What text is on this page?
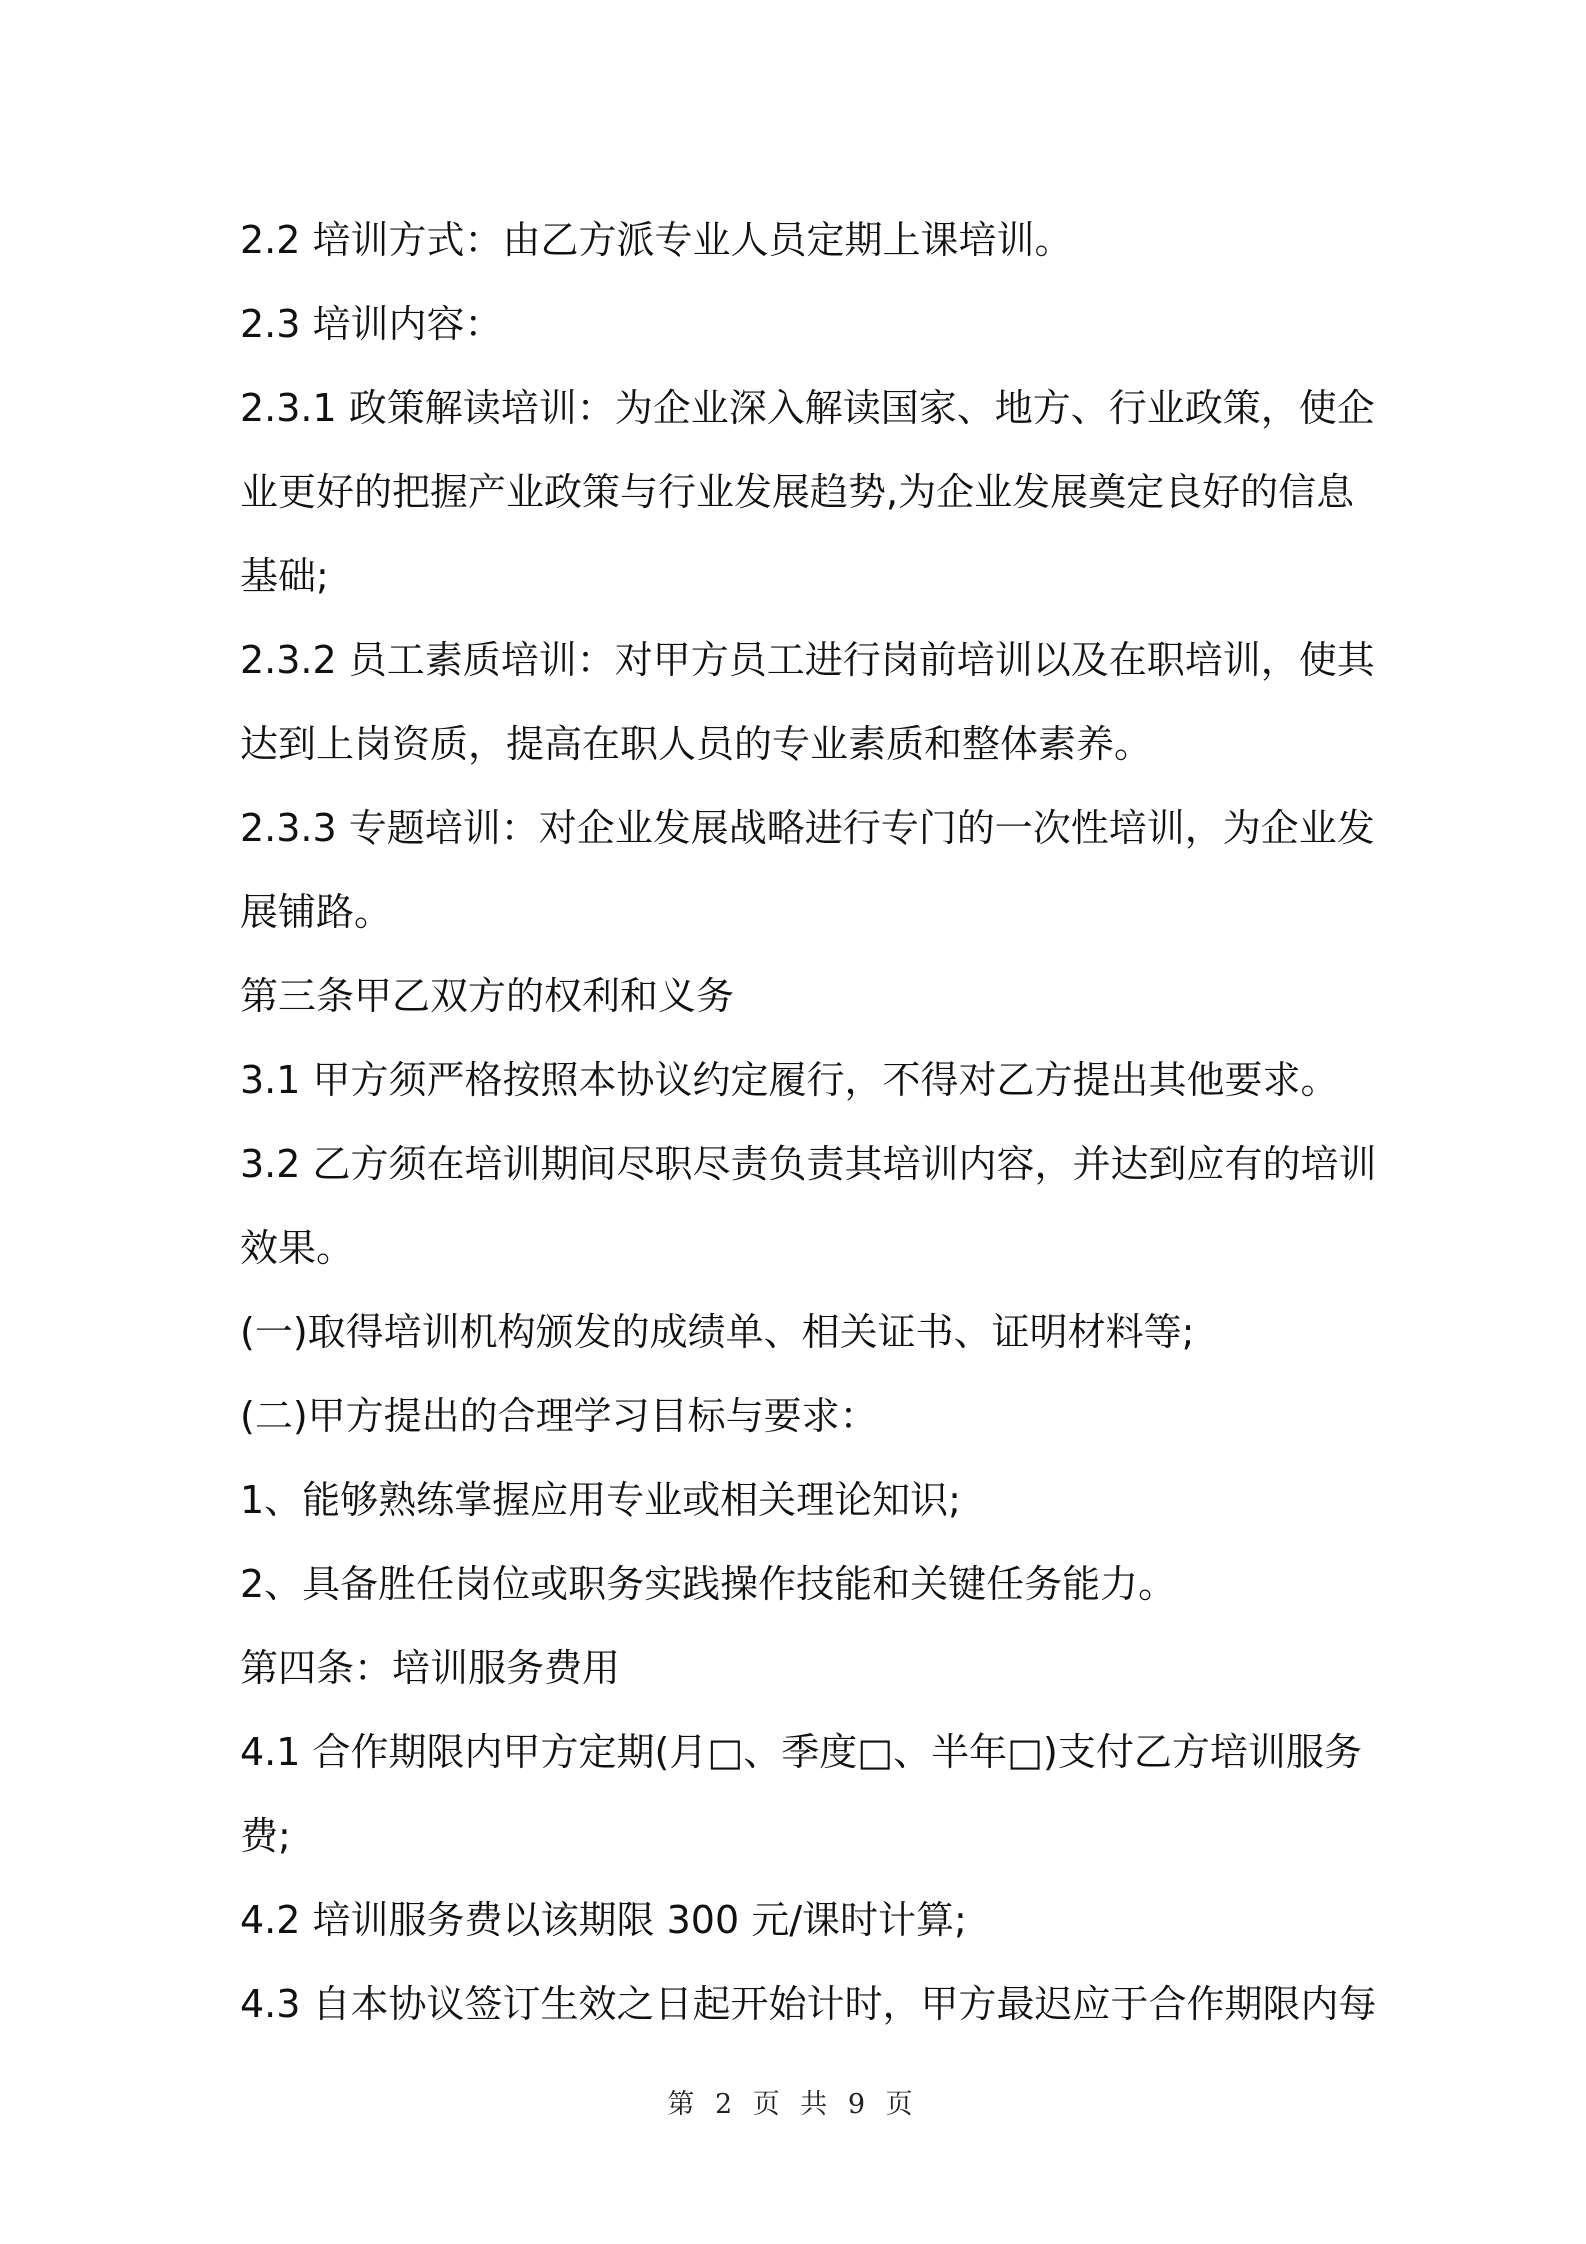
2.2 培训方式：由乙方派专业人员定期上课培训。
2.3 培训内容：
2.3.1 政策解读培训：为企业深入解读国家、地方、行业政策，使企
业更好的把握产业政策与行业发展趋势,为企业发展奠定良好的信息
基础;
2.3.2 员工素质培训：对甲方员工进行岗前培训以及在职培训，使其
达到上岗资质，提高在职人员的专业素质和整体素养。
2.3.3 专题培训：对企业发展战略进行专门的一次性培训，为企业发
展铺路。
第三条甲乙双方的权利和义务
3.1 甲方须严格按照本协议约定履行，不得对乙方提出其他要求。
3.2 乙方须在培训期间尽职尽责负责其培训内容，并达到应有的培训
效果。
(一)取得培训机构颁发的成绩单、相关证书、证明材料等;
(二)甲方提出的合理学习目标与要求：
1、能够熟练掌握应用专业或相关理论知识;
2、具备胜任岗位或职务实践操作技能和关键任务能力。
第四条：培训服务费用
4.1 合作期限内甲方定期(月□、季度□、半年□)支付乙方培训服务
费;
4.2 培训服务费以该期限 300 元/课时计算;
4.3 自本协议签订生效之日起开始计时，甲方最迟应于合作期限内每
第 2 页 共 9 页
